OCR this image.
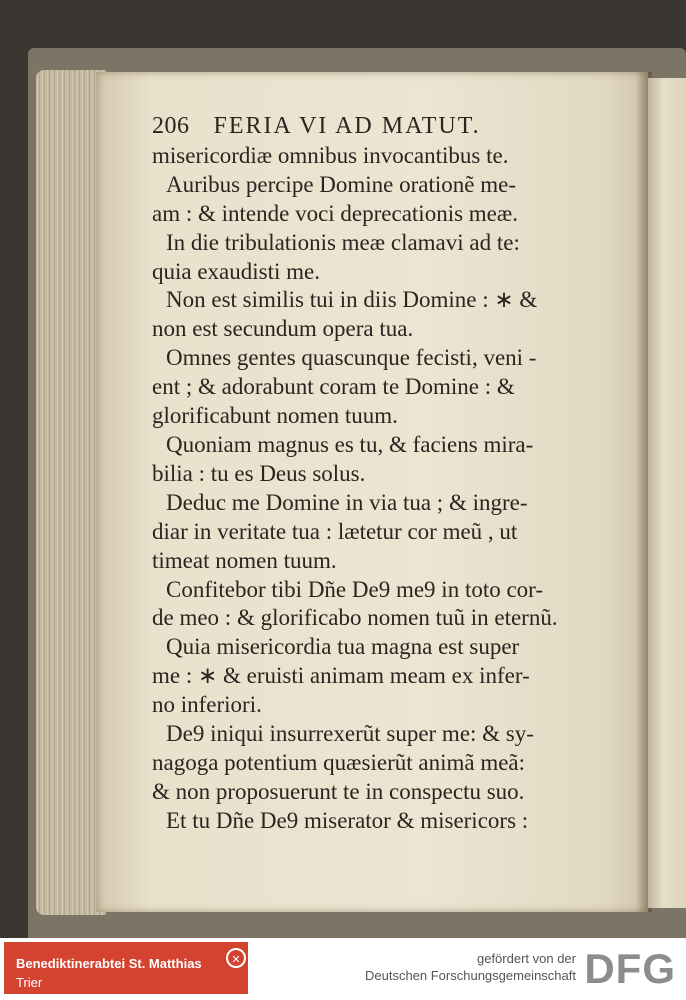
206 FERIA VI AD MATUT.
misericordiæ omnibus invocantibus te.
Auribus percipe Domine orationẽ me-
am : & intende voci deprecationis meæ.
In die tribulationis meæ clamavi ad te:
quia exaudisti me.
Non est similis tui in diis Domine : ∗ &
non est secundum opera tua.
Omnes gentes quascunque fecisti, veni -
ent ; & adorabunt coram te Domine : &
glorificabunt nomen tuum.
Quoniam magnus es tu, & faciens mira-
bilia : tu es Deus solus.
Deduc me Domine in via tua ; & ingre-
diar in veritate tua : lætetur cor meũ , ut
timeat nomen tuum.
Confitebor tibi Dñe De9 me9 in toto cor-
de meo : & glorificabo nomen tuũ in eternũ.
Quia misericordia tua magna est super
me : ∗ & eruisti animam meam ex infer-
no inferiori.
De9 iniqui insurrexerũt super me: & sy-
nagoga potentium quæsierũt animã meã:
& non proposuerunt te in conspectu suo.
Et tu Dñe De9 miserator & misericors :
Benediktinerabtei St. Matthias
Trier
✕	gefördert von der
Deutschen Forschungsgemeinschaft DFG
